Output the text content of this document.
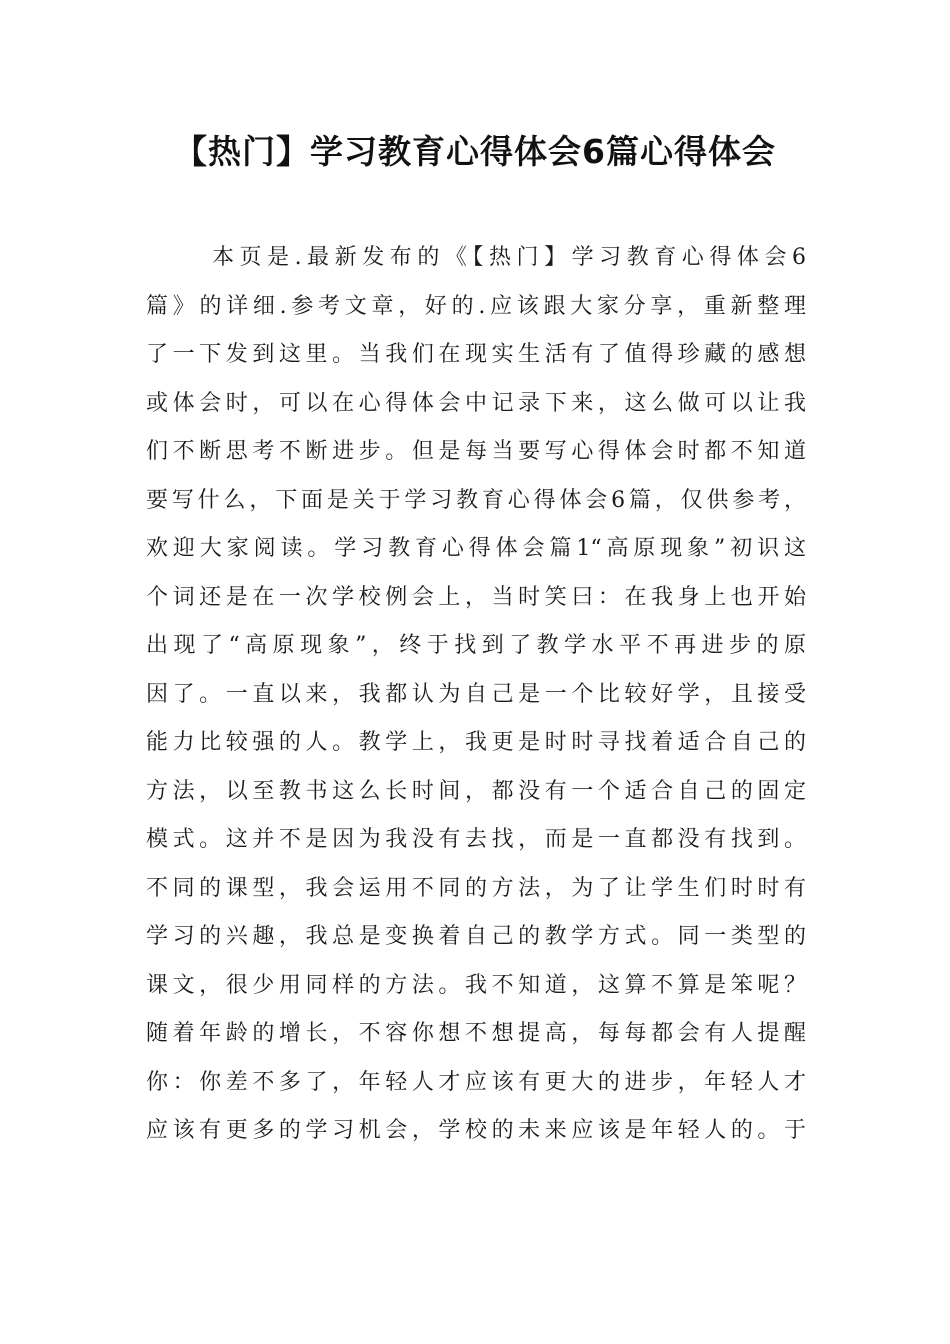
【热门】学习教育心得体会6篇心得体会
本页是.最新发布的《【热门】学习教育心得体会6
篇》的详细.参考文章，好的.应该跟大家分享，重新整理
了一下发到这里。当我们在现实生活有了值得珍藏的感想
或体会时，可以在心得体会中记录下来，这么做可以让我
们不断思考不断进步。但是每当要写心得体会时都不知道
要写什么，下面是关于学习教育心得体会6篇，仅供参考，
欢迎大家阅读。学习教育心得体会篇1“高原现象”初识这
个词还是在一次学校例会上，当时笑曰：在我身上也开始
出现了“高原现象”，终于找到了教学水平不再进步的原
因了。一直以来，我都认为自己是一个比较好学，且接受
能力比较强的人。教学上，我更是时时寻找着适合自己的
方法，以至教书这么长时间，都没有一个适合自己的固定
模式。这并不是因为我没有去找，而是一直都没有找到。
不同的课型，我会运用不同的方法，为了让学生们时时有
学习的兴趣，我总是变换着自己的教学方式。同一类型的
课文，很少用同样的方法。我不知道，这算不算是笨呢？
随着年龄的增长，不容你想不想提高，每每都会有人提醒
你：你差不多了，年轻人才应该有更大的进步，年轻人才
应该有更多的学习机会，学校的未来应该是年轻人的。于
